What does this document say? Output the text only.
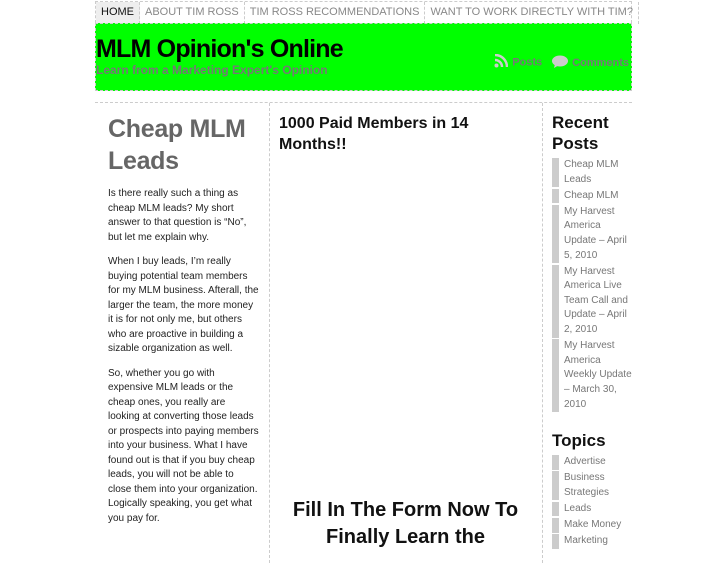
HOME	ABOUT TIM ROSS	TIM ROSS RECOMMENDATIONS	WANT TO WORK DIRECTLY WITH TIM?
MLM Opinion's Online
Learn from a Marketing Expert's Opinion
Posts	Comments
Cheap MLM Leads

Is there really such a thing as cheap MLM leads? My short answer to that question is “No”, but let me explain why.

When I buy leads, I’m really buying potential team members for my MLM business. Afterall, the larger the team, the more money it is for not only me, but others who are proactive in building a sizable organization as well.

So, whether you go with expensive MLM leads or the cheap ones, you really are looking at converting those leads or prospects into paying members into your business. What I have found out is that if you buy cheap leads, you will not be able to close them into your organization. Logically speaking, you get what you pay for.

1000 Paid Members in 14 Months!!
Fill In The Form Now To Finally Learn the
Recent Posts
Cheap MLM Leads
Cheap MLM
My Harvest America Update – April 5, 2010
My Harvest America Live Team Call and Update – April 2, 2010
My Harvest America Weekly Update – March 30, 2010
Topics
Advertise
Business Strategies
Leads
Make Money
Marketing
